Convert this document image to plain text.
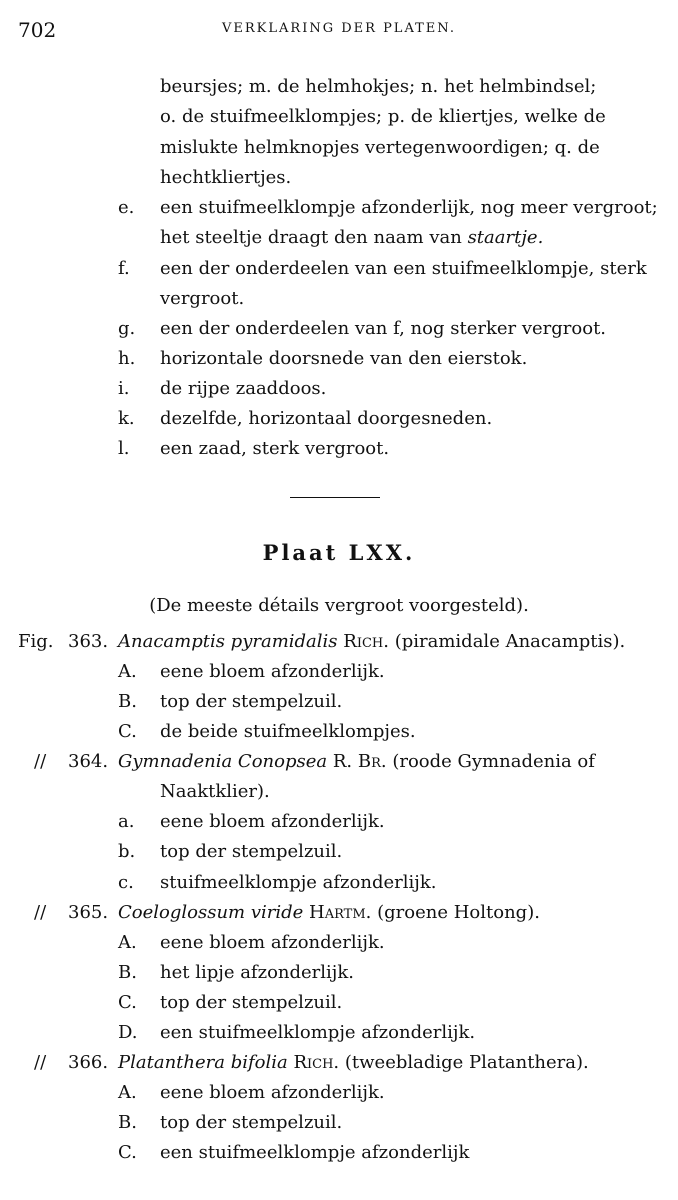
702	VERKLARING DER PLATEN.
beursjes; m. de helmhokjes; n. het helmbindsel;
o. de stuifmeelklompjes; p. de kliertjes, welke de
mislukte helmknopjes vertegenwoordigen; q. de
hechtkliertjes.
e. een stuifmeelklompje afzonderlijk, nog meer vergroot;
het steeltje draagt den naam van staartje.
f. een der onderdeelen van een stuifmeelklompje, sterk
vergroot.
g. een der onderdeelen van f, nog sterker vergroot.
h. horizontale doorsnede van den eierstok.
i. de rijpe zaaddoos.
k. dezelfde, horizontaal doorgesneden.
l. een zaad, sterk vergroot.
Plaat LXX.
(De meeste détails vergroot voorgesteld).
Fig. 363. Anacamptis pyramidalis Rich. (piramidale Anacamptis).
A. eene bloem afzonderlijk.
B. top der stempelzuil.
C. de beide stuifmeelklompjes.
// 364. Gymnadenia Conopsea R. Br. (roode Gymnadenia of
Naaktklier).
a. eene bloem afzonderlijk.
b. top der stempelzuil.
c. stuifmeelklompje afzonderlijk.
// 365. Coeloglossum viride Hartm. (groene Holtong).
A. eene bloem afzonderlijk.
B. het lipje afzonderlijk.
C. top der stempelzuil.
D. een stuifmeelklompje afzonderlijk.
// 366. Platanthera bifolia Rich. (tweebladige Platanthera).
A. eene bloem afzonderlijk.
B. top der stempelzuil.
C. een stuifmeelklompje afzonderlijk
